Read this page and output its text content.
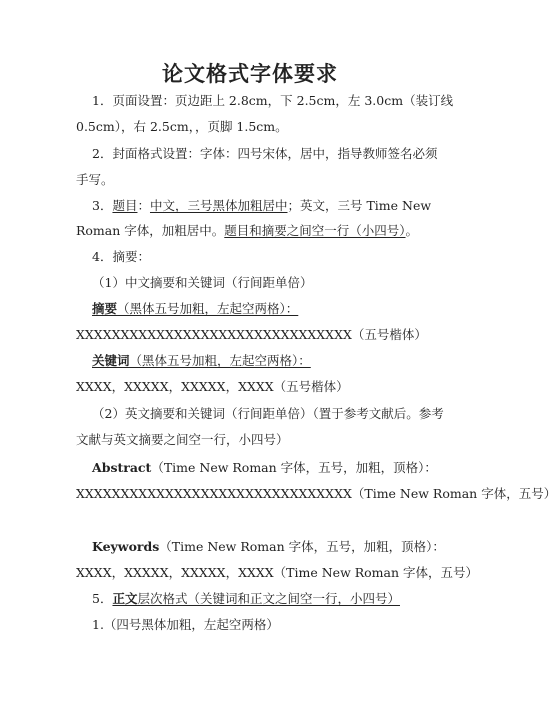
论文格式字体要求
1．页面设置：页边距上 2.8cm，下 2.5cm，左 3.0cm（装订线
0.5cm），右 2.5cm，，页脚 1.5cm。
2．封面格式设置：字体：四号宋体，居中，指导教师签名必须
手写。
3．题目：中文，三号黑体加粗居中；英文，三号 Time New
Roman 字体，加粗居中。题目和摘要之间空一行（小四号）。
4．摘要：
（1）中文摘要和关键词（行间距单倍）
摘要（黑体五号加粗，左起空两格）：
XXXXXXXXXXXXXXXXXXXXXXXXXXXXXXX（五号楷体）
关键词（黑体五号加粗，左起空两格）：
XXXX，XXXXX，XXXXX，XXXX（五号楷体）
（2）英文摘要和关键词（行间距单倍）（置于参考文献后。参考
文献与英文摘要之间空一行，小四号）
Abstract（Time New Roman 字体，五号，加粗，顶格）：
XXXXXXXXXXXXXXXXXXXXXXXXXXXXXXX（Time New Roman 字体，五号）
Keywords（Time New Roman 字体，五号，加粗，顶格）：
XXXX，XXXXX，XXXXX，XXXX（Time New Roman 字体，五号）
5．正文层次格式（关键词和正文之间空一行，小四号）
1.（四号黑体加粗，左起空两格）
